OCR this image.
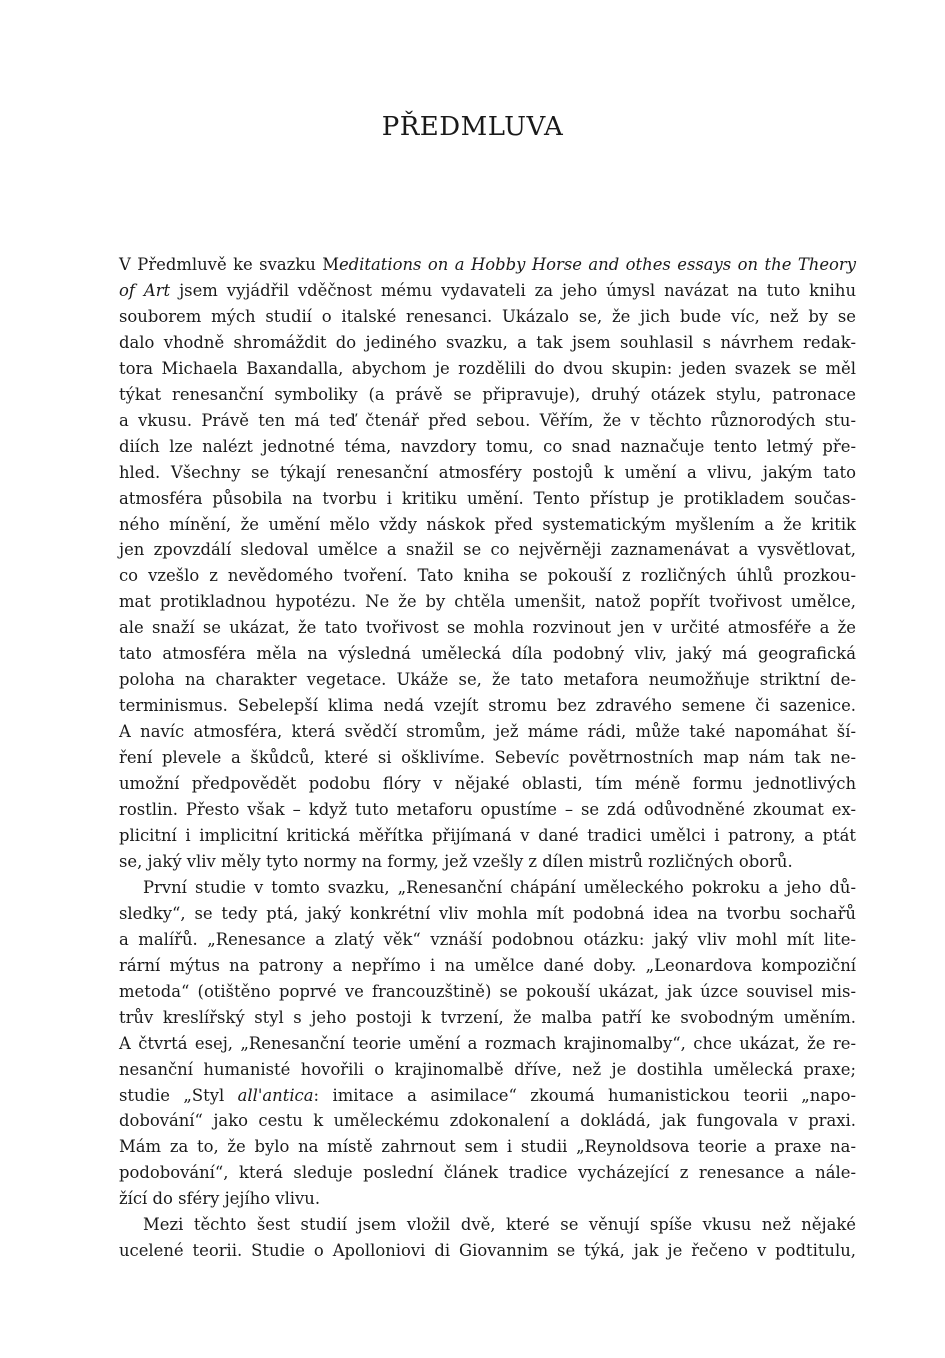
PŘEDMLUVA

V Předmluvě ke svazku Meditations on a Hobby Horse and othes essays on the Theory
of Art jsem vyjádřil vděčnost mému vydavateli za jeho úmysl navázat na tuto knihu
souborem mých studií o italské renesanci. Ukázalo se, že jich bude víc, než by se
dalo vhodně shromáždit do jediného svazku, a tak jsem souhlasil s návrhem redak-
tora Michaela Baxandalla, abychom je rozdělili do dvou skupin: jeden svazek se měl
týkat renesanční symboliky (a právě se připravuje), druhý otázek stylu, patronace
a vkusu. Právě ten má teď čtenář před sebou. Věřím, že v těchto různorodých stu-
diích lze nalézt jednotné téma, navzdory tomu, co snad naznačuje tento letmý pře-
hled. Všechny se týkají renesanční atmosféry postojů k umění a vlivu, jakým tato
atmosféra působila na tvorbu i kritiku umění. Tento přístup je protikladem součas-
ného mínění, že umění mělo vždy náskok před systematickým myšlením a že kritik
jen zpovzdálí sledoval umělce a snažil se co nejvěrněji zaznamenávat a vysvětlovat,
co vzešlo z nevědomého tvoření. Tato kniha se pokouší z rozličných úhlů prozkou-
mat protikladnou hypotézu. Ne že by chtěla umenšit, natož popřít tvořivost umělce,
ale snaží se ukázat, že tato tvořivost se mohla rozvinout jen v určité atmosféře a že
tato atmosféra měla na výsledná umělecká díla podobný vliv, jaký má geografická
poloha na charakter vegetace. Ukáže se, že tato metafora neumožňuje striktní de-
terminismus. Sebelepší klima nedá vzejít stromu bez zdravého semene či sazenice.
A navíc atmosféra, která svědčí stromům, jež máme rádi, může také napomáhat ší-
ření plevele a škůdců, které si ošklivíme. Sebevíc povětrnostních map nám tak ne-
umožní předpovědět podobu flóry v nějaké oblasti, tím méně formu jednotlivých
rostlin. Přesto však – když tuto metaforu opustíme – se zdá odůvodněné zkoumat ex-
plicitní i implicitní kritická měřítka přijímaná v dané tradici umělci i patrony, a ptát
se, jaký vliv měly tyto normy na formy, jež vzešly z dílen mistrů rozličných oborů.

První studie v tomto svazku, „Renesanční chápání uměleckého pokroku a jeho dů-
sledky“, se tedy ptá, jaký konkrétní vliv mohla mít podobná idea na tvorbu sochařů
a malířů. „Renesance a zlatý věk“ vznáší podobnou otázku: jaký vliv mohl mít lite-
rární mýtus na patrony a nepřímo i na umělce dané doby. „Leonardova kompoziční
metoda“ (otištěno poprvé ve francouzštině) se pokouší ukázat, jak úzce souvisel mis-
trův kreslířský styl s jeho postoji k tvrzení, že malba patří ke svobodným uměním.
A čtvrtá esej, „Renesanční teorie umění a rozmach krajinomalby“, chce ukázat, že re-
nesanční humanisté hovořili o krajinomalbě dříve, než je dostihla umělecká praxe;
studie „Styl all'antica: imitace a asimilace“ zkoumá humanistickou teorii „napo-
dobování“ jako cestu k uměleckému zdokonalení a dokládá, jak fungovala v praxi.
Mám za to, že bylo na místě zahrnout sem i studii „Reynoldsova teorie a praxe na-
podobování“, která sleduje poslední článek tradice vycházející z renesance a nále-
žící do sféry jejího vlivu.

Mezi těchto šest studií jsem vložil dvě, které se věnují spíše vkusu než nějaké
ucelené teorii. Studie o Apolloniovi di Giovannim se týká, jak je řečeno v podtitulu,
